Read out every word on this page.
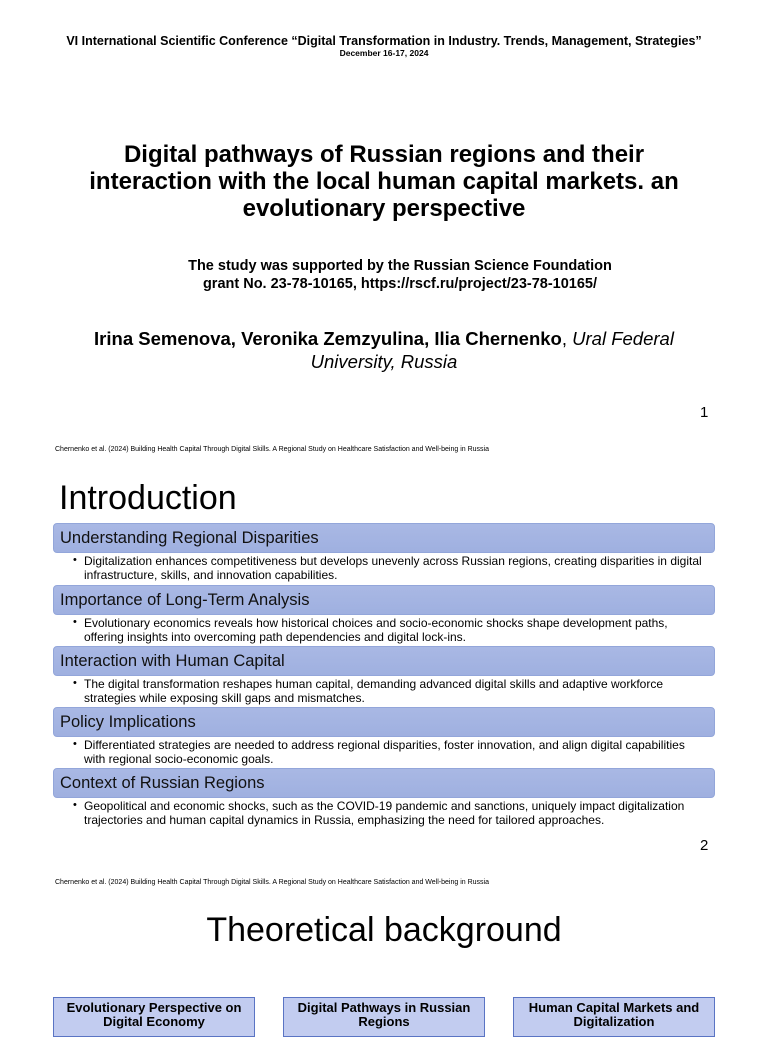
VI International Scientific Conference “Digital Transformation in Industry. Trends, Management, Strategies”
December 16-17, 2024
Digital pathways of Russian regions and their interaction with the local human capital markets. an evolutionary perspective
The study was supported by the Russian Science Foundation
grant No. 23-78-10165, https://rscf.ru/project/23-78-10165/
Irina Semenova, Veronika Zemzyulina, Ilia Chernenko, Ural Federal University, Russia
1
Chernenko et al. (2024) Building Health Capital Through Digital Skills. A Regional Study on Healthcare Satisfaction and Well-being in Russia
Introduction
Understanding Regional Disparities
• Digitalization enhances competitiveness but develops unevenly across Russian regions, creating disparities in digital infrastructure, skills, and innovation capabilities.
Importance of Long-Term Analysis
• Evolutionary economics reveals how historical choices and socio-economic shocks shape development paths, offering insights into overcoming path dependencies and digital lock-ins.
Interaction with Human Capital
• The digital transformation reshapes human capital, demanding advanced digital skills and adaptive workforce strategies while exposing skill gaps and mismatches.
Policy Implications
• Differentiated strategies are needed to address regional disparities, foster innovation, and align digital capabilities with regional socio-economic goals.
Context of Russian Regions
• Geopolitical and economic shocks, such as the COVID-19 pandemic and sanctions, uniquely impact digitalization trajectories and human capital dynamics in Russia, emphasizing the need for tailored approaches.
2
Chernenko et al. (2024) Building Health Capital Through Digital Skills. A Regional Study on Healthcare Satisfaction and Well-being in Russia
Theoretical background
Evolutionary Perspective on Digital Economy
Digital Pathways in Russian Regions
Human Capital Markets and Digitalization
